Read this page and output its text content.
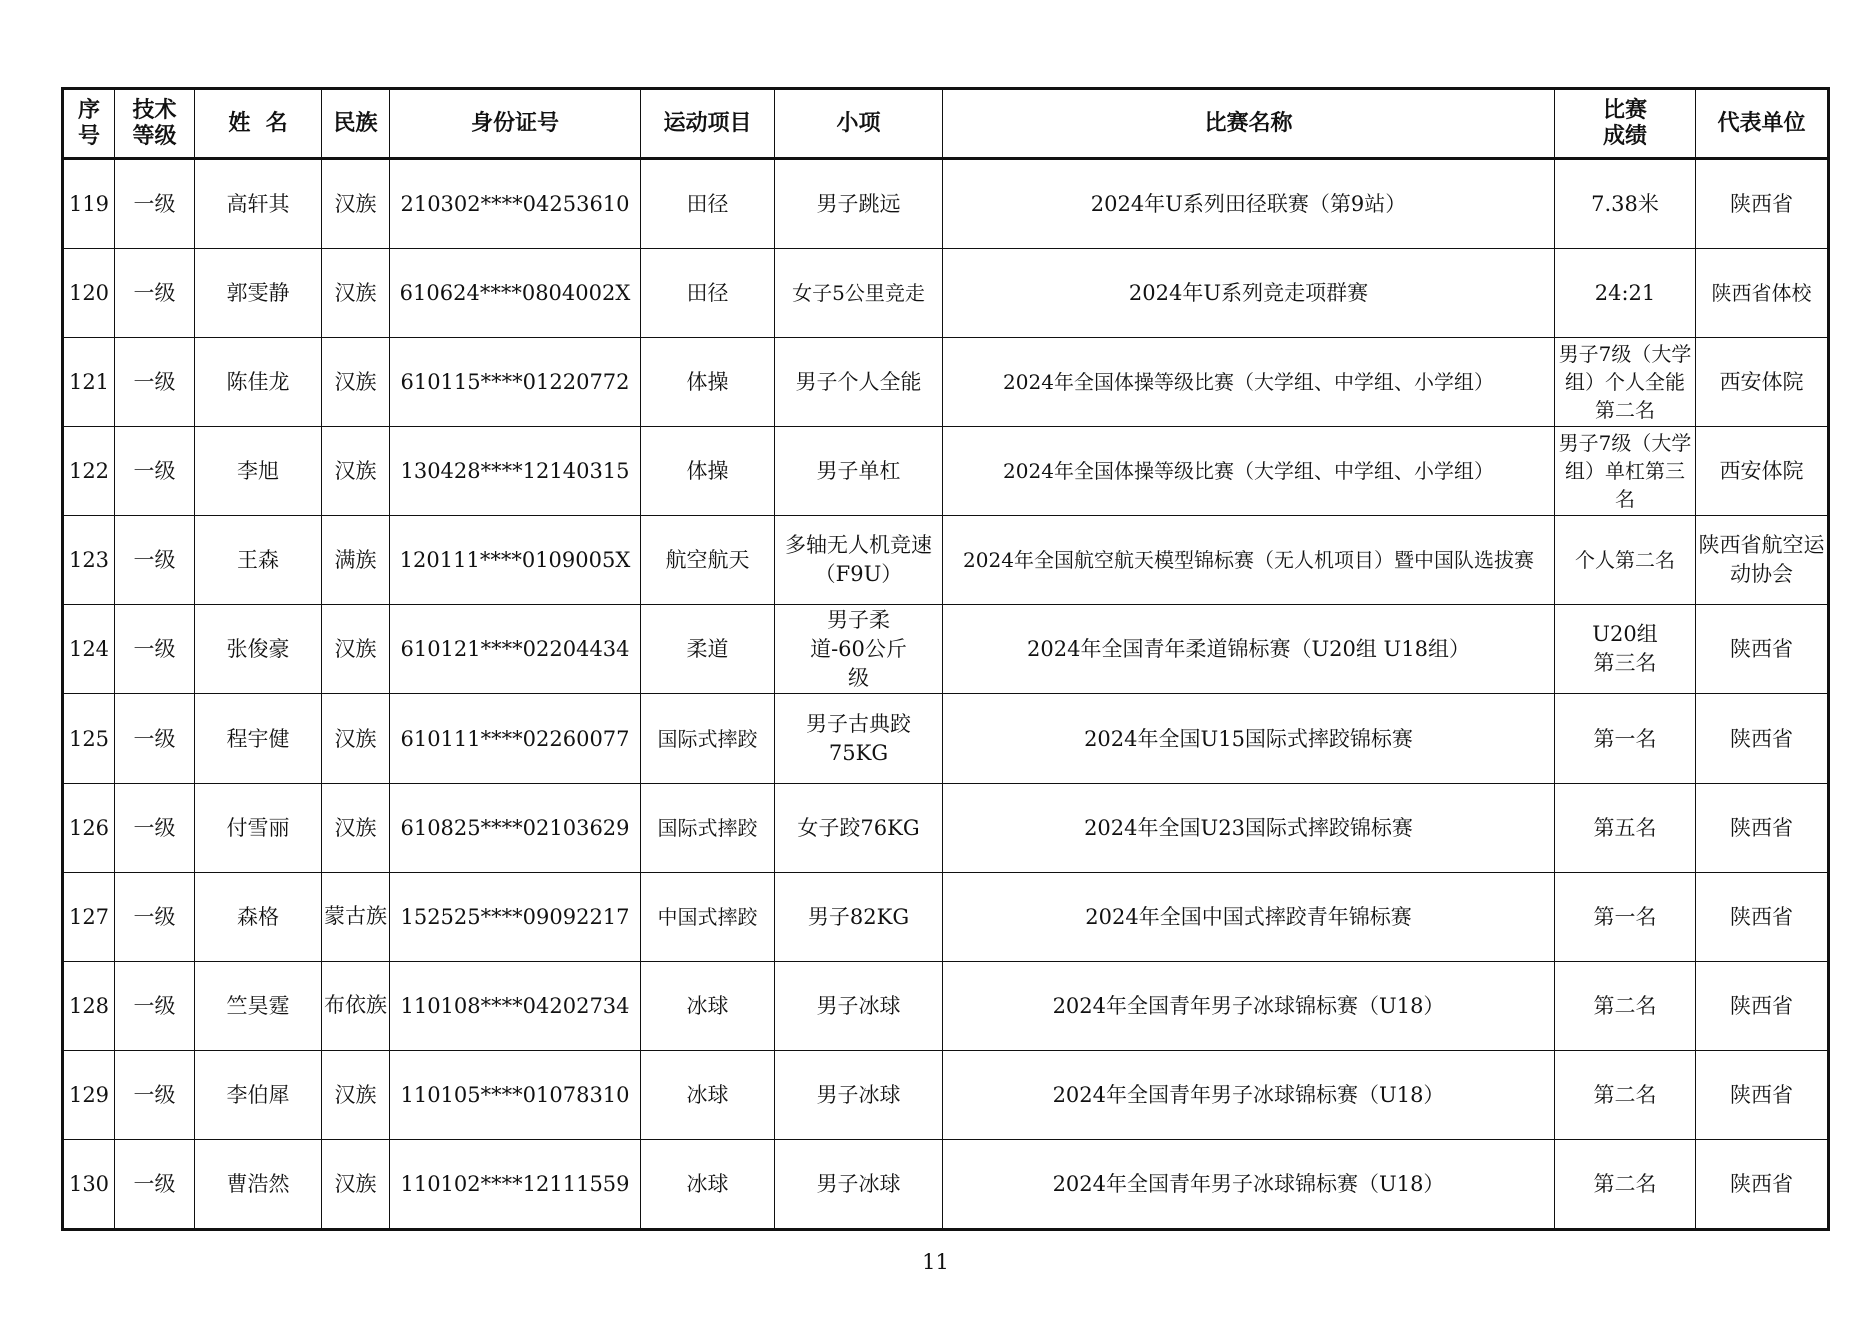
序号	技术等级	姓  名	民族	身份证号	运动项目	小项	比赛名称	比赛成绩	代表单位
119	一级	高轩其	汉族	210302****04253610	田径	男子跳远	2024年U系列田径联赛（第9站）	7.38米	陕西省
120	一级	郭雯静	汉族	610624****0804002X	田径	女子5公里竞走	2024年U系列竞走项群赛	24:21	陕西省体校
121	一级	陈佳龙	汉族	610115****01220772	体操	男子个人全能	2024年全国体操等级比赛（大学组、中学组、小学组）	男子7级（大学组）个人全能第二名	西安体院
122	一级	李旭	汉族	130428****12140315	体操	男子单杠	2024年全国体操等级比赛（大学组、中学组、小学组）	男子7级（大学组）单杠第三名	西安体院
123	一级	王森	满族	120111****0109005X	航空航天	多轴无人机竞速（F9U）	2024年全国航空航天模型锦标赛（无人机项目）暨中国队选拔赛	个人第二名	陕西省航空运动协会
124	一级	张俊豪	汉族	610121****02204434	柔道	男子柔道-60公斤级	2024年全国青年柔道锦标赛（U20组 U18组）	U20组第三名	陕西省
125	一级	程宇健	汉族	610111****02260077	国际式摔跤	男子古典跤75KG	2024年全国U15国际式摔跤锦标赛	第一名	陕西省
126	一级	付雪丽	汉族	610825****02103629	国际式摔跤	女子跤76KG	2024年全国U23国际式摔跤锦标赛	第五名	陕西省
127	一级	森格	蒙古族	152525****09092217	中国式摔跤	男子82KG	2024年全国中国式摔跤青年锦标赛	第一名	陕西省
128	一级	竺昊霆	布依族	110108****04202734	冰球	男子冰球	2024年全国青年男子冰球锦标赛（U18）	第二名	陕西省
129	一级	李伯犀	汉族	110105****01078310	冰球	男子冰球	2024年全国青年男子冰球锦标赛（U18）	第二名	陕西省
130	一级	曹浩然	汉族	110102****12111559	冰球	男子冰球	2024年全国青年男子冰球锦标赛（U18）	第二名	陕西省
11
